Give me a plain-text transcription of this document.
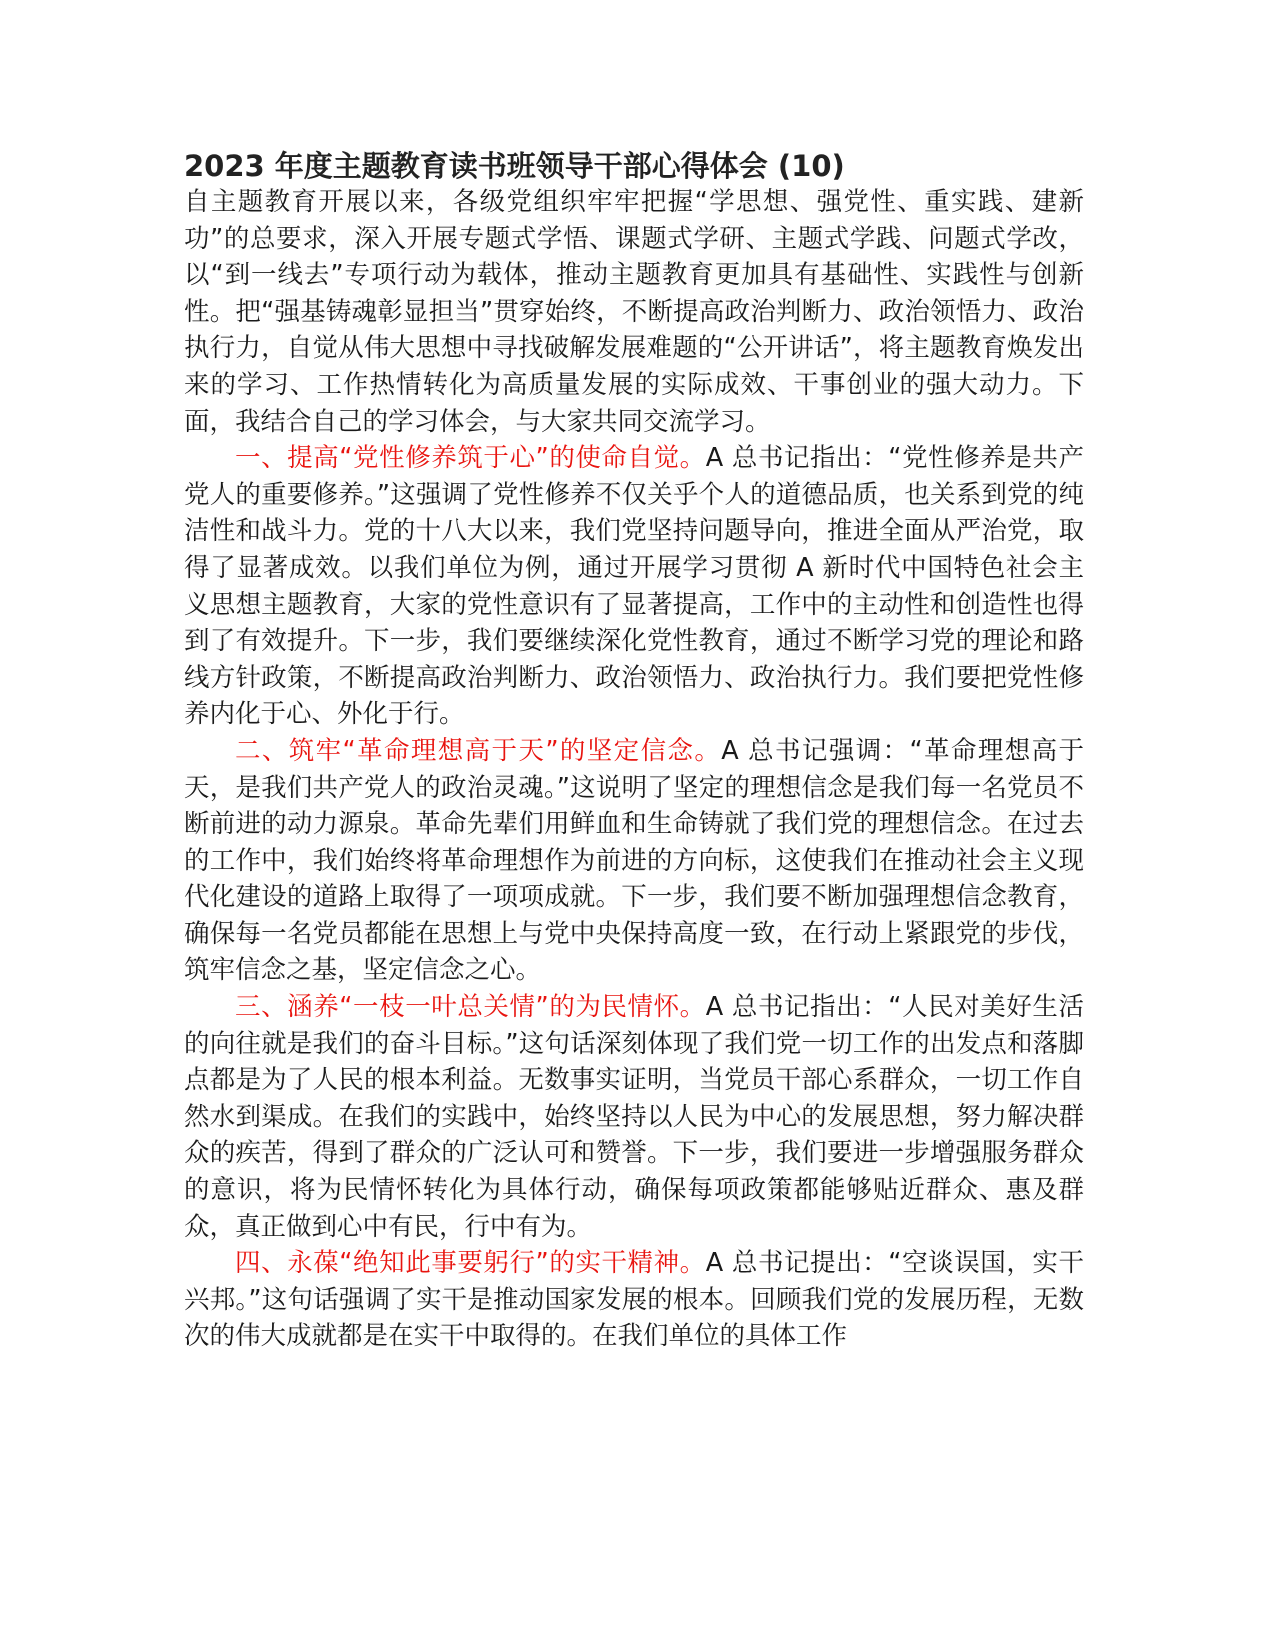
2023 年度主题教育读书班领导干部心得体会 (10)

自主题教育开展以来，各级党组织牢牢把握“学思想、强党性、重实践、建新功”的总要求，深入开展专题式学悟、课题式学研、主题式学践、问题式学改，以“到一线去”专项行动为载体，推动主题教育更加具有基础性、实践性与创新性。把“强基铸魂彰显担当”贯穿始终，不断提高政治判断力、政治领悟力、政治执行力，自觉从伟大思想中寻找破解发展难题的“公开讲话”，将主题教育焕发出来的学习、工作热情转化为高质量发展的实际成效、干事创业的强大动力。下面，我结合自己的学习体会，与大家共同交流学习。

一、提高“党性修养筑于心”的使命自觉。A 总书记指出：“党性修养是共产党人的重要修养。”这强调了党性修养不仅关乎个人的道德品质，也关系到党的纯洁性和战斗力。党的十八大以来，我们党坚持问题导向，推进全面从严治党，取得了显著成效。以我们单位为例，通过开展学习贯彻 A 新时代中国特色社会主义思想主题教育，大家的党性意识有了显著提高，工作中的主动性和创造性也得到了有效提升。下一步，我们要继续深化党性教育，通过不断学习党的理论和路线方针政策，不断提高政治判断力、政治领悟力、政治执行力。我们要把党性修养内化于心、外化于行。

二、筑牢“革命理想高于天”的坚定信念。A 总书记强调：“革命理想高于天，是我们共产党人的政治灵魂。”这说明了坚定的理想信念是我们每一名党员不断前进的动力源泉。革命先辈们用鲜血和生命铸就了我们党的理想信念。在过去的工作中，我们始终将革命理想作为前进的方向标，这使我们在推动社会主义现代化建设的道路上取得了一项项成就。下一步，我们要不断加强理想信念教育，确保每一名党员都能在思想上与党中央保持高度一致，在行动上紧跟党的步伐，筑牢信念之基，坚定信念之心。

三、涵养“一枝一叶总关情”的为民情怀。A 总书记指出：“人民对美好生活的向往就是我们的奋斗目标。”这句话深刻体现了我们党一切工作的出发点和落脚点都是为了人民的根本利益。无数事实证明，当党员干部心系群众，一切工作自然水到渠成。在我们的实践中，始终坚持以人民为中心的发展思想，努力解决群众的疾苦，得到了群众的广泛认可和赞誉。下一步，我们要进一步增强服务群众的意识，将为民情怀转化为具体行动，确保每项政策都能够贴近群众、惠及群众，真正做到心中有民，行中有为。

四、永葆“绝知此事要躬行”的实干精神。A 总书记提出：“空谈误国，实干兴邦。”这句话强调了实干是推动国家发展的根本。回顾我们党的发展历程，无数次的伟大成就都是在实干中取得的。在我们单位的具体工作
